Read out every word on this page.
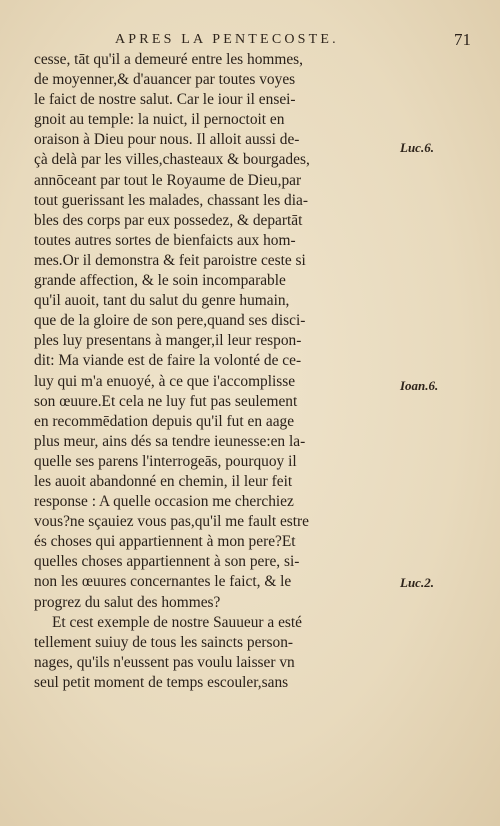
APRES LA PENTECOSTE.	71
cesse, tāt qu'il a demeuré entre les hommes,
de moyenner,& d'auancer par toutes voyes
le faict de nostre salut. Car le iour il ensei-
gnoit au temple: la nuict, il pernoctoit en
oraison à Dieu pour nous. Il alloit aussi de-
çà delà par les villes,chasteaux & bourgades,
annōceant par tout le Royaume de Dieu,par
tout guerissant les malades, chassant les dia-
bles des corps par eux possedez, & departāt
toutes autres sortes de bienfaicts aux hom-
mes.Or il demonstra & feit paroistre ceste si
grande affection, & le soin incomparable
qu'il auoit, tant du salut du genre humain,
que de la gloire de son pere,quand ses disci-
ples luy presentans à manger,il leur respon-
dit: Ma viande est de faire la volonté de ce-
luy qui m'a enuoyé, à ce que i'accomplisse
son œuure.Et cela ne luy fut pas seulement
en recommēdation depuis qu'il fut en aage
plus meur, ains dés sa tendre ieunesse:en la-
quelle ses parens l'interrogeās, pourquoy il
les auoit abandonné en chemin, il leur feit
response : A quelle occasion me cherchiez
vous?ne sçauiez vous pas,qu'il me fault estre
és choses qui appartiennent à mon pere?Et
quelles choses appartiennent à son pere, si-
non les œuures concernantes le faict, & le
progrez du salut des hommes?
Et cest exemple de nostre Sauueur a esté
tellement suiuy de tous les saincts person-
nages, qu'ils n'eussent pas voulu laisser vn
seul petit moment de temps escouler,sans
Luc.6.
Ioan.6.
Luc.2.
